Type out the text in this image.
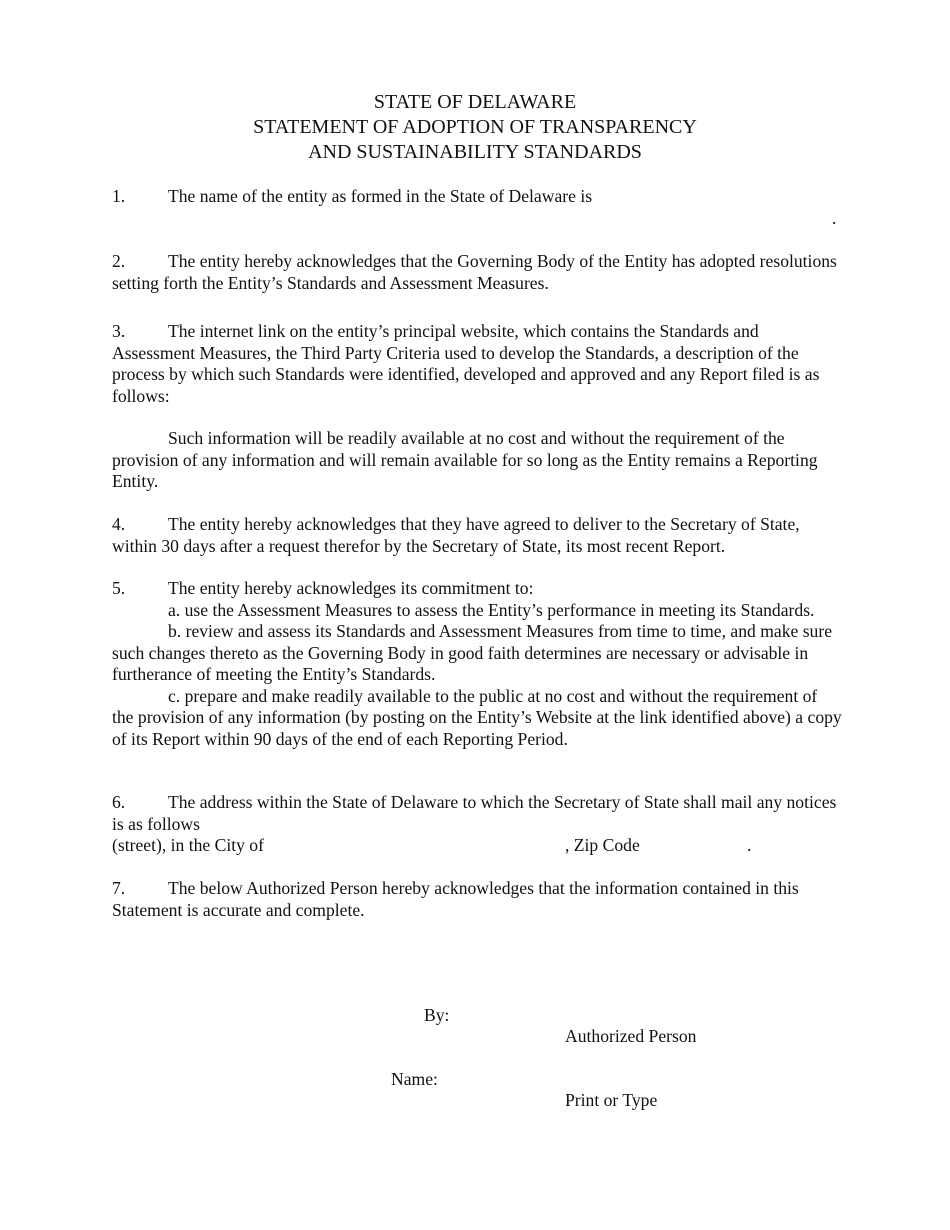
STATE OF DELAWARE
STATEMENT OF ADOPTION OF TRANSPARENCY
AND SUSTAINABILITY STANDARDS
1. The name of the entity as formed in the State of Delaware is
.
2. The entity hereby acknowledges that the Governing Body of the Entity has adopted resolutions setting forth the Entity’s Standards and Assessment Measures.
3. The internet link on the entity’s principal website, which contains the Standards and Assessment Measures, the Third Party Criteria used to develop the Standards, a description of the process by which such Standards were identified, developed and approved and any Report filed is as follows:
Such information will be readily available at no cost and without the requirement of the provision of any information and will remain available for so long as the Entity remains a Reporting Entity.
4. The entity hereby acknowledges that they have agreed to deliver to the Secretary of State, within 30 days after a request therefor by the Secretary of State, its most recent Report.
5. The entity hereby acknowledges its commitment to:
a. use the Assessment Measures to assess the Entity’s performance in meeting its Standards.
b. review and assess its Standards and Assessment Measures from time to time, and make sure such changes thereto as the Governing Body in good faith determines are necessary or advisable in furtherance of meeting the Entity’s Standards.
c. prepare and make readily available to the public at no cost and without the requirement of the provision of any information (by posting on the Entity’s Website at the link identified above) a copy of its Report within 90 days of the end of each Reporting Period.
6. The address within the State of Delaware to which the Secretary of State shall mail any notices is as follows
(street), in the City of	, Zip Code	.
7. The below Authorized Person hereby acknowledges that the information contained in this Statement is accurate and complete.
By:
Authorized Person
Name:
Print or Type
